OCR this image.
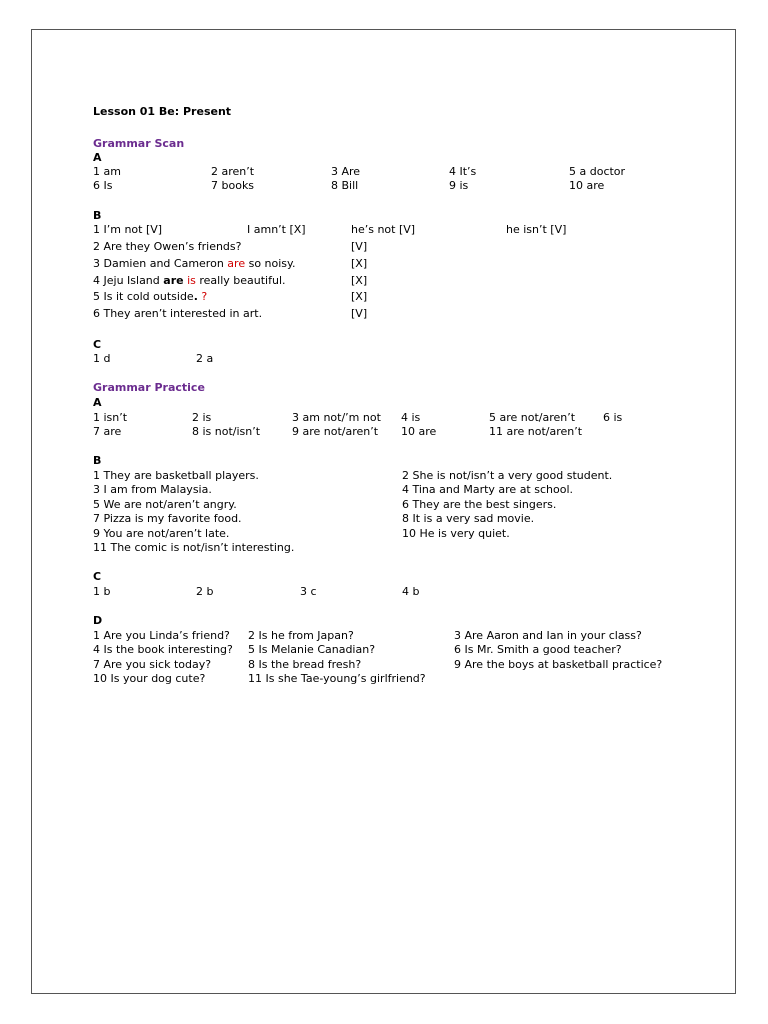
Lesson 01 Be: Present
Grammar Scan
A
1 am	2 aren’t	3 Are	4 It’s	5 a doctor
6 Is	7 books	8 Bill	9 is	10 are
B
1 I’m not [V]	I amn’t [X]	he’s not [V]	he isn’t [V]
2 Are they Owen’s friends?	[V]
3 Damien and Cameron are so noisy.	[X]
4 Jeju Island are is really beautiful.	[X]
5 Is it cold outside. ?	[X]
6 They aren’t interested in art.	[V]
C
1 d	2 a
Grammar Practice
A
1 isn’t	2 is	3 am not/’m not 4 is	5 are not/aren’t	6 is
7 are	8 is not/isn’t	9 are not/aren’t 10 are	11 are not/aren’t
B
1 They are basketball players.	2 She is not/isn’t a very good student.
3 I am from Malaysia.	4 Tina and Marty are at school.
5 We are not/aren’t angry.	6 They are the best singers.
7 Pizza is my favorite food.	8 It is a very sad movie.
9 You are not/aren’t late.	10 He is very quiet.
11 The comic is not/isn’t interesting.
C
1 b	2 b	3 c	4 b
D
1 Are you Linda’s friend? 2 Is he from Japan?	3 Are Aaron and Ian in your class?
4 Is the book interesting? 5 Is Melanie Canadian?	6 Is Mr. Smith a good teacher?
7 Are you sick today?	8 Is the bread fresh?	9 Are the boys at basketball practice?
10 Is your dog cute?	11 Is she Tae-young’s girlfriend?
